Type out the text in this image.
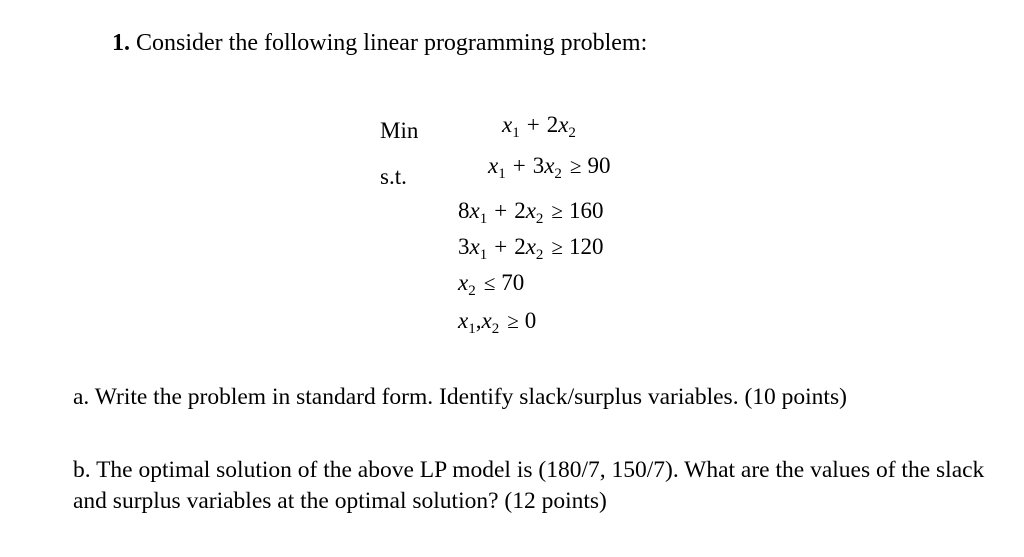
1. Consider the following linear programming problem:
Min
s.t.
$x_1 + 2x_2$
$x_1 + 3x_2 \ge 90$
$8x_1 + 2x_2 \ge 160$
$3x_1 + 2x_2 \ge 120$
$x_2 \le 70$
$x_1,x_2 \ge 0$
a. Write the problem in standard form. Identify slack/surplus variables. (10 points)
b. The optimal solution of the above LP model is (180/7, 150/7). What are the values of the slack and surplus variables at the optimal solution? (12 points)
